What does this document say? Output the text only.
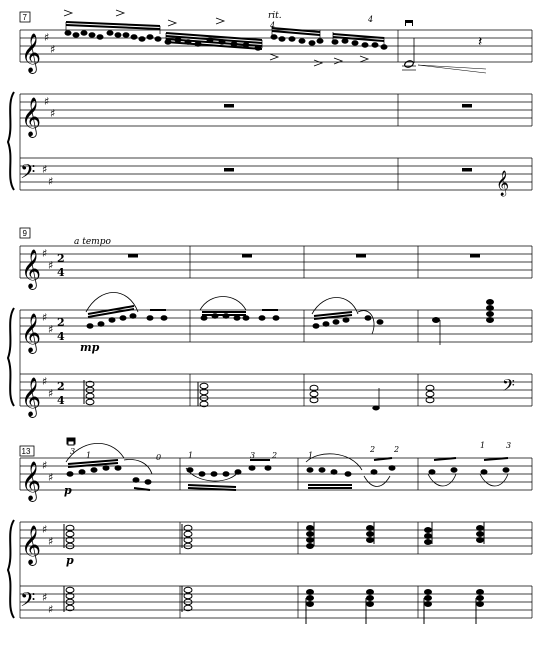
7
𝄞 ♯
♯
rit.
4
4
𝄽
𝄞 ♯
♯
𝄢 ♯
♯	𝄞
9
𝄞 ♯
♯
2
4
a tempo
𝄞 ♯
♯
2
4
mp
𝄞 ♯
♯
2
4
𝄢
13
𝄞 ♯
♯
p
3 1	0	1	3 2	1
2 2	1	3
𝄞 ♯
♯
p
𝄢 ♯
♯
